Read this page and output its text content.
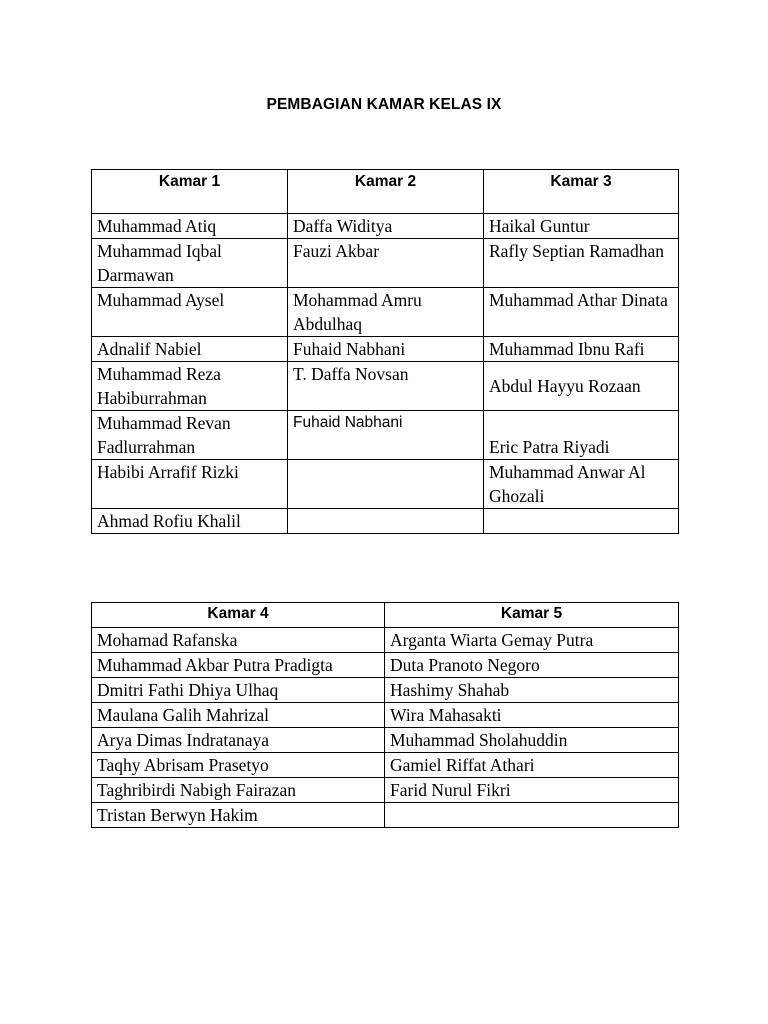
PEMBAGIAN KAMAR KELAS IX
Kamar 1	Kamar 2	Kamar 3
Muhammad Atiq	Daffa Widitya	Haikal Guntur
Muhammad Iqbal Darmawan	Fauzi Akbar	Rafly Septian Ramadhan
Muhammad Aysel	Mohammad Amru Abdulhaq	Muhammad Athar Dinata
Adnalif Nabiel	Fuhaid Nabhani	Muhammad Ibnu Rafi
Muhammad Reza Habiburrahman	T. Daffa Novsan	Abdul Hayyu Rozaan
Muhammad Revan Fadlurrahman	Fuhaid Nabhani	Eric Patra Riyadi
Habibi Arrafif Rizki		Muhammad Anwar Al Ghozali
Ahmad Rofiu Khalil		
Kamar 4	Kamar 5
Mohamad Rafanska	Arganta Wiarta Gemay Putra
Muhammad Akbar Putra Pradigta	Duta Pranoto Negoro
Dmitri Fathi Dhiya Ulhaq	Hashimy Shahab
Maulana Galih Mahrizal	Wira Mahasakti
Arya Dimas Indratanaya	Muhammad Sholahuddin
Taqhy Abrisam Prasetyo	Gamiel Riffat Athari
Taghribirdi Nabigh Fairazan	Farid Nurul Fikri
Tristan Berwyn Hakim	
